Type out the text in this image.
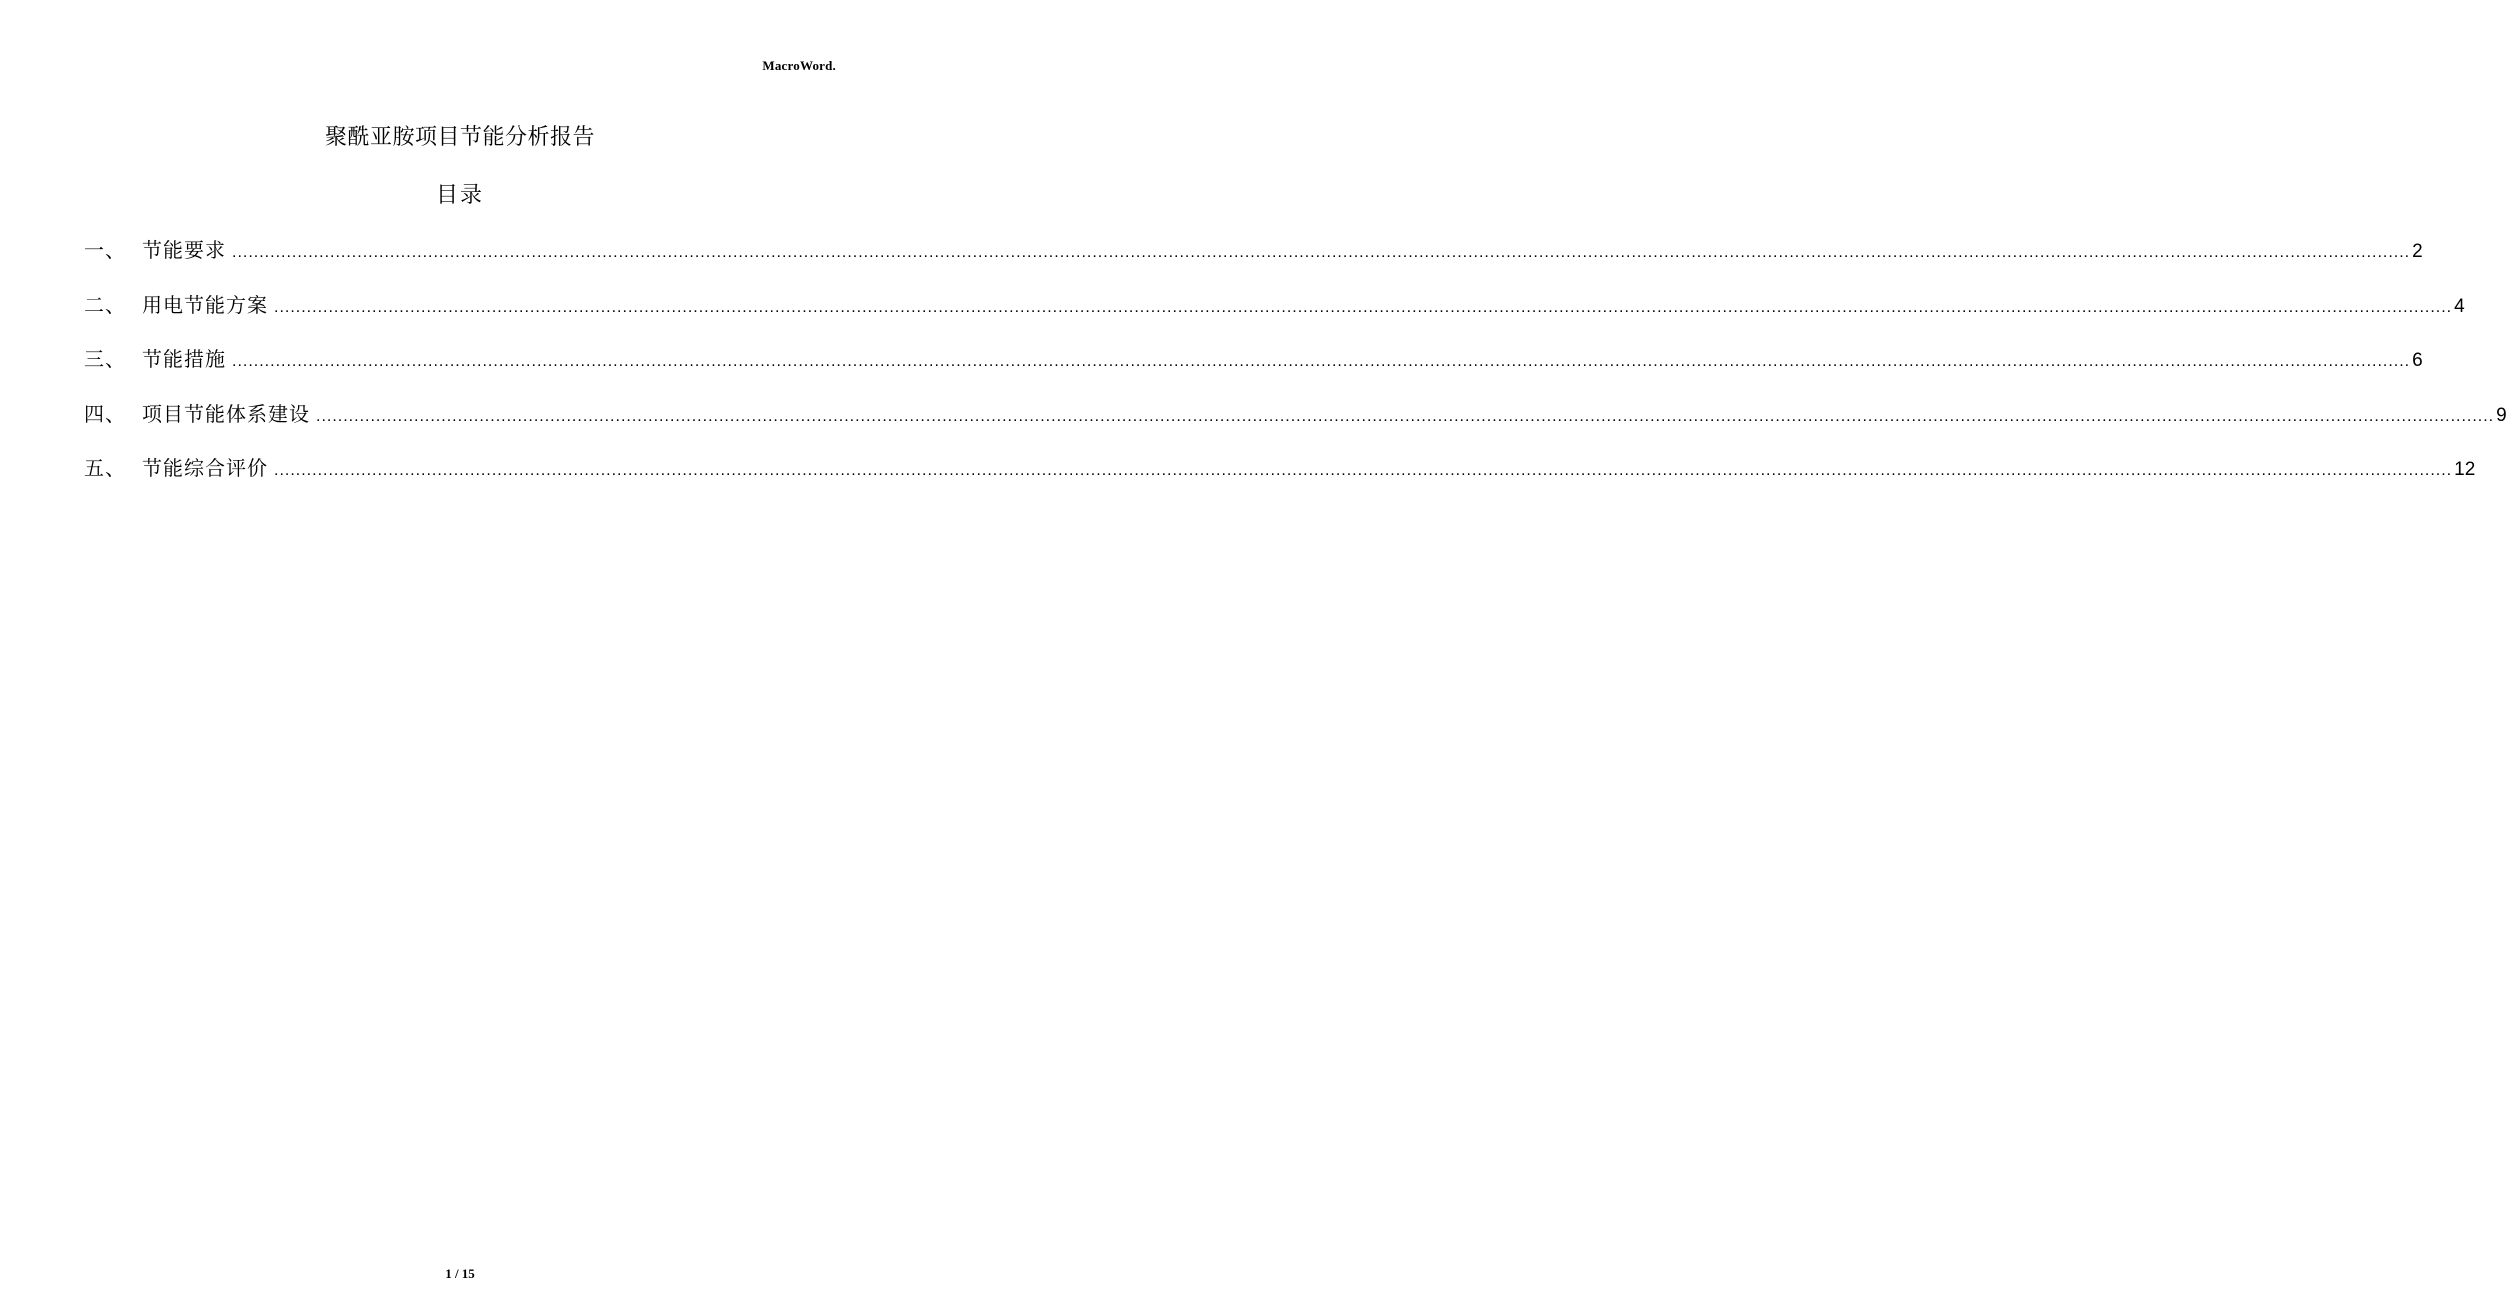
MacroWord.
聚酰亚胺项目节能分析报告
目录
一、 节能要求 ................................................................................................................................................................................................................................................................................................................................................................................................................ 2
二、 用电节能方案 ................................................................................................................................................................................................................................................................................................................................................................................................................ 4
三、 节能措施 ................................................................................................................................................................................................................................................................................................................................................................................................................ 6
四、 项目节能体系建设 ................................................................................................................................................................................................................................................................................................................................................................................................................ 9
五、 节能综合评价 ................................................................................................................................................................................................................................................................................................................................................................................................................ 12
1 / 15
